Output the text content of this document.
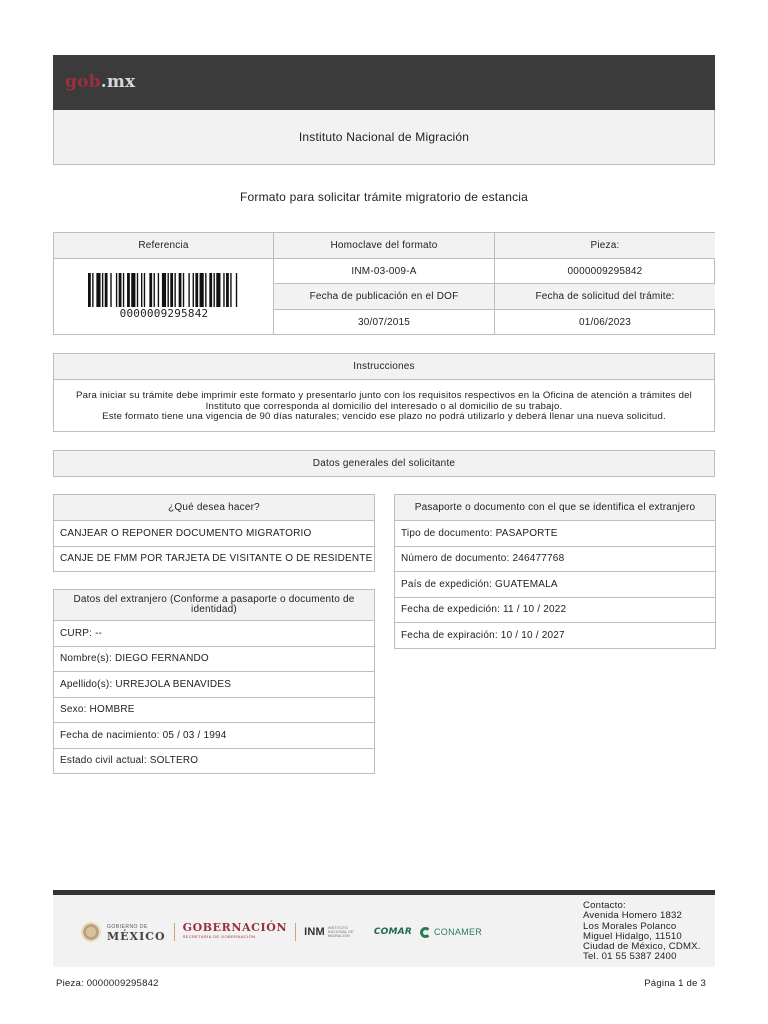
gob.mx
Instituto Nacional de Migración
Formato para solicitar trámite migratorio de estancia
Referencia	Homoclave del formato	Pieza:
0000009295842
INM-03-009-A	0000009295842
Fecha de publicación en el DOF	Fecha de solicitud del trámite:
30/07/2015	01/06/2023
Instrucciones
Para iniciar su trámite debe imprimir este formato y presentarlo junto con los requisitos respectivos en la Oficina de atención a trámites del
Instituto que corresponda al domicilio del interesado o al domicilio de su trabajo.
Este formato tiene una vigencia de 90 días naturales; vencido ese plazo no podrá utilizarlo y deberá llenar una nueva solicitud.
Datos generales del solicitante
¿Qué desea hacer?
CANJEAR O REPONER DOCUMENTO MIGRATORIO
CANJE DE FMM POR TARJETA DE VISITANTE O DE RESIDENTE
Datos del extranjero (Conforme a pasaporte o documento de identidad)
CURP: --
Nombre(s): DIEGO FERNANDO
Apellido(s): URREJOLA BENAVIDES
Sexo: HOMBRE
Fecha de nacimiento: 05 / 03 / 1994
Estado civil actual: SOLTERO
Pasaporte o documento con el que se identifica el extranjero
Tipo de documento: PASAPORTE
Número de documento: 246477768
País de expedición: GUATEMALA
Fecha de expedición: 11 / 10 / 2022
Fecha de expiración: 10 / 10 / 2027
GOBIERNO DE
MÉXICO
GOBERNACIÓN
SECRETARÍA DE GOBERNACIÓN	INM INSTITUTO NACIONAL DE MIGRACIÓN	COMAR CONAMER
Contacto:
Avenida Homero 1832
Los Morales Polanco
Miguel Hidalgo, 11510
Ciudad de México, CDMX.
Tel. 01 55 5387 2400
Pieza: 0000009295842	Página 1 de 3
